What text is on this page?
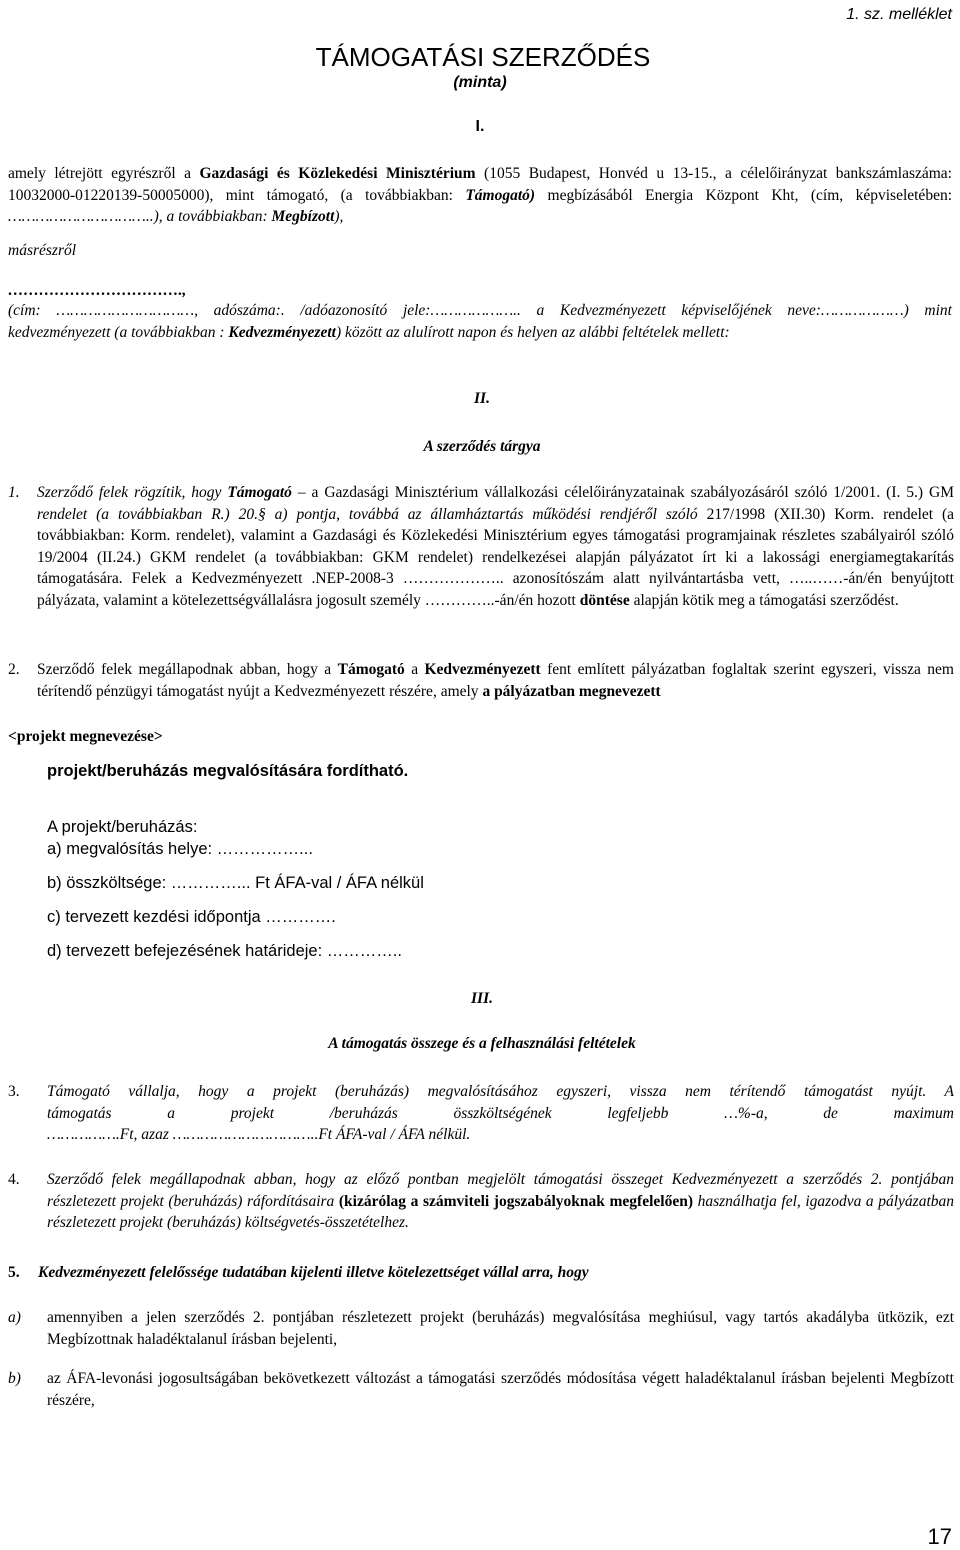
1. sz. melléklet
TÁMOGATÁSI SZERZŐDÉS
(minta)
I.
amely létrejött egyrészről a Gazdasági és Közlekedési Minisztérium (1055 Budapest, Honvéd u 13-15., a célelőirányzat bankszámlaszáma: 10032000-01220139-50005000), mint támogató, (a továbbiakban: Támogató) megbízásából Energia Központ Kht, (cím, képviseletében: …………………………..), a továbbiakban: Megbízott),
másrészről
…………………………….,
(cím: …………………………, adószáma:. /adóazonosító jele:……………….. a Kedvezményezett képviselőjének neve:………………) mint kedvezményezett (a továbbiakban : Kedvezményezett) között az alulírott napon és helyen az alábbi feltételek mellett:
II.
A szerződés tárgya
1. Szerződő felek rögzítik, hogy Támogató – a Gazdasági Minisztérium vállalkozási célelőirányzatainak szabályozásáról szóló 1/2001. (I. 5.) GM rendelet (a továbbiakban R.) 20.§ a) pontja, továbbá az államháztartás működési rendjéről szóló 217/1998 (XII.30) Korm. rendelet (a továbbiakban: Korm. rendelet), valamint a Gazdasági és Közlekedési Minisztérium egyes támogatási programjainak részletes szabályairól szóló 19/2004 (II.24.) GKM rendelet (a továbbiakban: GKM rendelet) rendelkezései alapján pályázatot írt ki a lakossági energiamegtakarítás támogatására. Felek a Kedvezményezett .NEP-2008-3 ……………….. azonosítószám alatt nyilvántartásba vett, …..……-án/én benyújtott pályázata, valamint a kötelezettségvállalásra jogosult személy …………..-án/én hozott döntése alapján kötik meg a támogatási szerződést.
2. Szerződő felek megállapodnak abban, hogy a Támogató a Kedvezményezett fent említett pályázatban foglaltak szerint egyszeri, vissza nem térítendő pénzügyi támogatást nyújt a Kedvezményezett részére, amely a pályázatban megnevezett
<projekt megnevezése>
projekt/beruházás megvalósítására fordítható.
A projekt/beruházás:
a) megvalósítás helye: ……………...
b) összköltsége: …………... Ft ÁFA-val / ÁFA nélkül
c) tervezett kezdési időpontja ………….
d) tervezett befejezésének határideje: …………..
III.
A támogatás összege és a felhasználási feltételek
3. Támogató vállalja, hogy a projekt (beruházás) megvalósításához egyszeri, vissza nem térítendő támogatást nyújt. A
támogatás	a	projekt	/beruházás	összköltségének	legfeljebb	…%-a,	de	maximum
…………….Ft, azaz …………………………..Ft ÁFA-val / ÁFA nélkül.
4. Szerződő felek megállapodnak abban, hogy az előző pontban megjelölt támogatási összeget Kedvezményezett a szerződés 2. pontjában részletezett projekt (beruházás) ráfordításaira (kizárólag a számviteli jogszabályoknak megfelelően) használhatja fel, igazodva a pályázatban részletezett projekt (beruházás) költségvetés-összetételhez.
5. Kedvezményezett felelőssége tudatában kijelenti illetve kötelezettséget vállal arra, hogy
a) amennyiben a jelen szerződés 2. pontjában részletezett projekt (beruházás) megvalósítása meghiúsul, vagy tartós akadályba ütközik, ezt Megbízottnak haladéktalanul írásban bejelenti,
b) az ÁFA-levonási jogosultságában bekövetkezett változást a támogatási szerződés módosítása végett haladéktalanul írásban bejelenti Megbízott részére,
17
